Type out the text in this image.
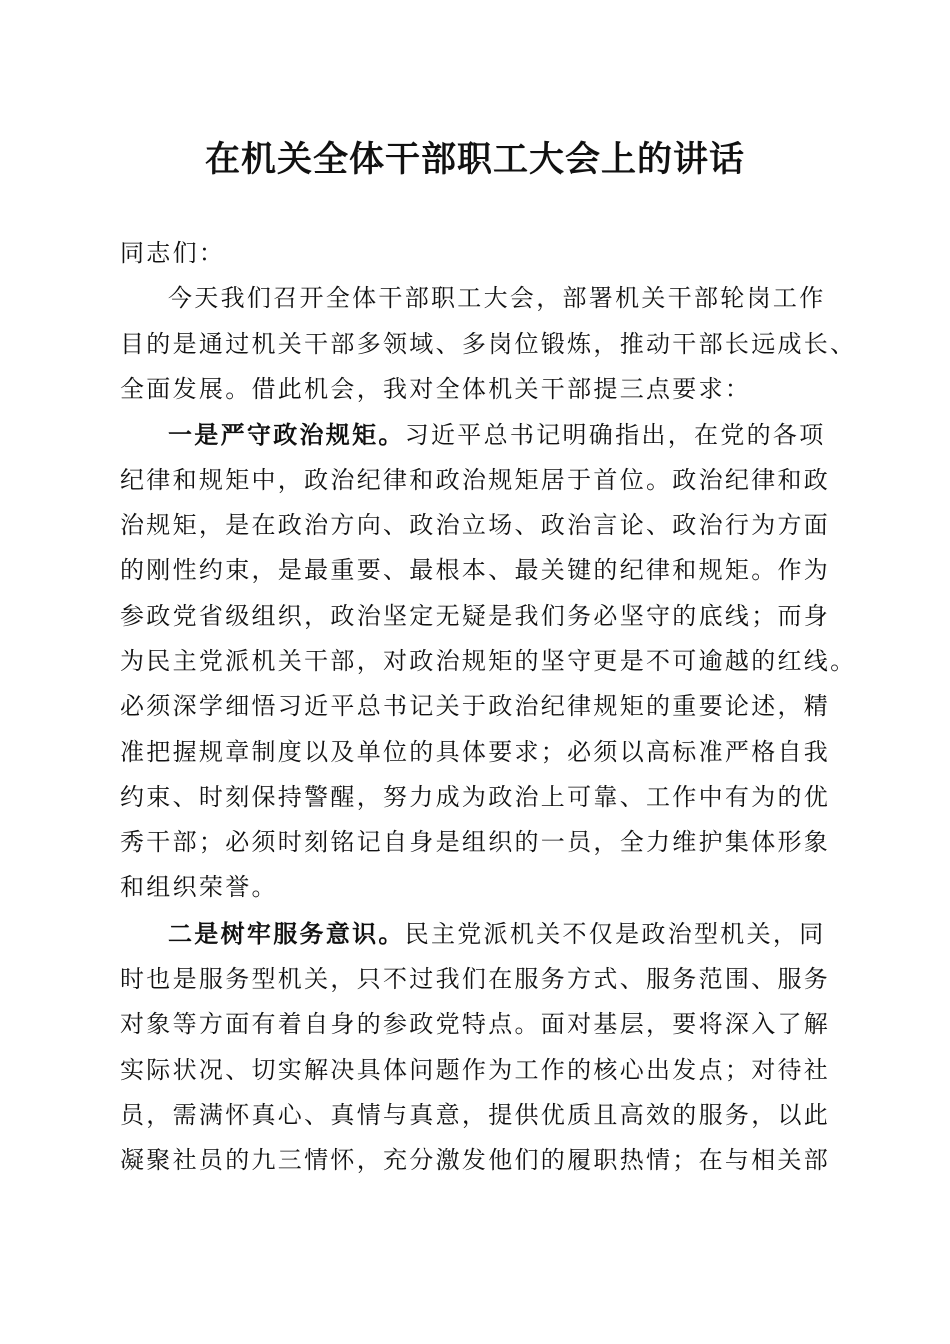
在机关全体干部职工大会上的讲话

同志们：

今天我们召开全体干部职工大会，部署机关干部轮岗工作

目的是通过机关干部多领域、多岗位锻炼，推动干部长远成长、

全面发展。借此机会，我对全体机关干部提三点要求：

一是严守政治规矩。习近平总书记明确指出，在党的各项

纪律和规矩中，政治纪律和政治规矩居于首位。政治纪律和政

治规矩，是在政治方向、政治立场、政治言论、政治行为方面

的刚性约束，是最重要、最根本、最关键的纪律和规矩。作为

参政党省级组织，政治坚定无疑是我们务必坚守的底线；而身

为民主党派机关干部，对政治规矩的坚守更是不可逾越的红线。

必须深学细悟习近平总书记关于政治纪律规矩的重要论述，精

准把握规章制度以及单位的具体要求；必须以高标准严格自我

约束、时刻保持警醒，努力成为政治上可靠、工作中有为的优

秀干部；必须时刻铭记自身是组织的一员，全力维护集体形象

和组织荣誉。

二是树牢服务意识。民主党派机关不仅是政治型机关，同

时也是服务型机关，只不过我们在服务方式、服务范围、服务

对象等方面有着自身的参政党特点。面对基层，要将深入了解

实际状况、切实解决具体问题作为工作的核心出发点；对待社

员，需满怀真心、真情与真意，提供优质且高效的服务，以此

凝聚社员的九三情怀，充分激发他们的履职热情；在与相关部
